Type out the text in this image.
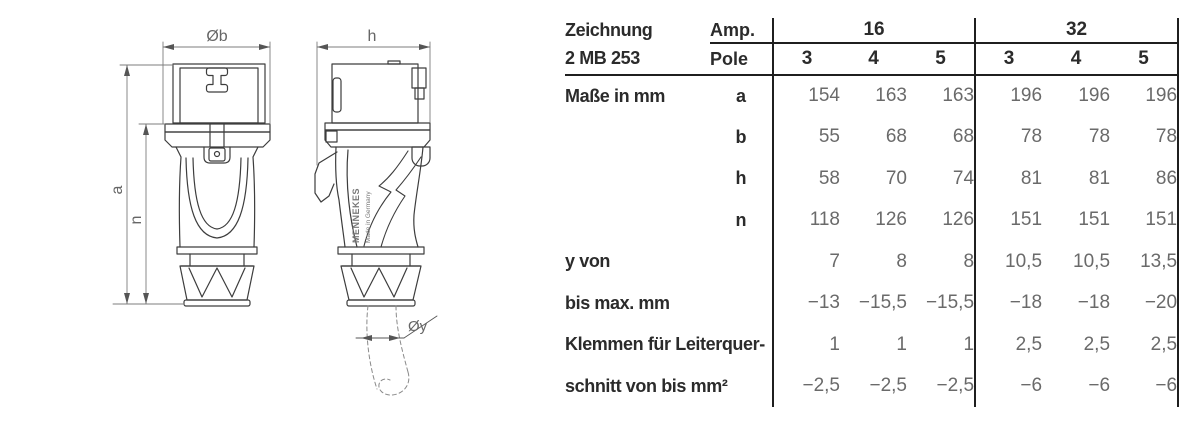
Øb
a
n	MENNEKES Made in Germany
h
Øy
Zeichnung	Amp.	16			32		
2 MB 253	Pole	3	4	5	3	4	5
Maße in mm	a	154	163	163	196	196	196
	b	55	68	68	78	78	78
	h	58	70	74	81	81	86
	n	118	126	126	151	151	151
y von		7	8	8	10,5	10,5	13,5
bis max. mm		−13	−15,5	−15,5	−18	−18	−20
Klemmen für Leiterquer-		1	1	1	2,5	2,5	2,5
schnitt von bis mm²		−2,5	−2,5	−2,5	−6	−6	−6
